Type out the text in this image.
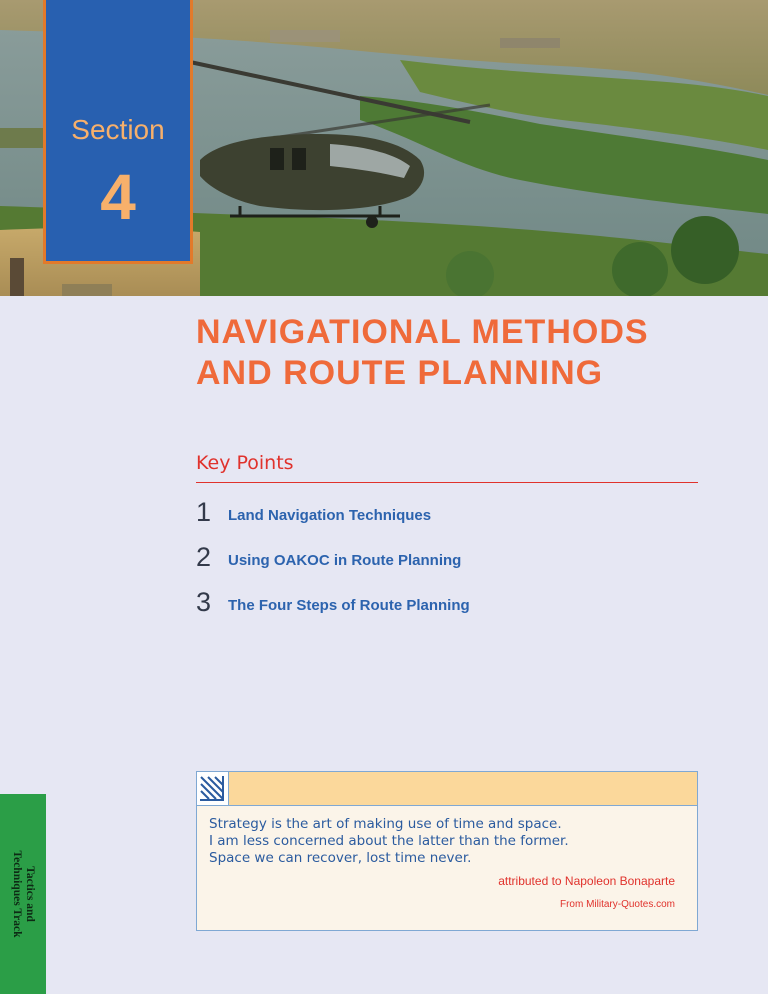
Section
4
NAVIGATIONAL METHODS
AND ROUTE PLANNING
Key Points
1 Land Navigation Techniques
2 Using OAKOC in Route Planning
3 The Four Steps of Route Planning
Strategy is the art of making use of time and space.
I am less concerned about the latter than the former.
Space we can recover, lost time never.
attributed to Napoleon Bonaparte
From Military-Quotes.com
Tactics and
Techniques Track
